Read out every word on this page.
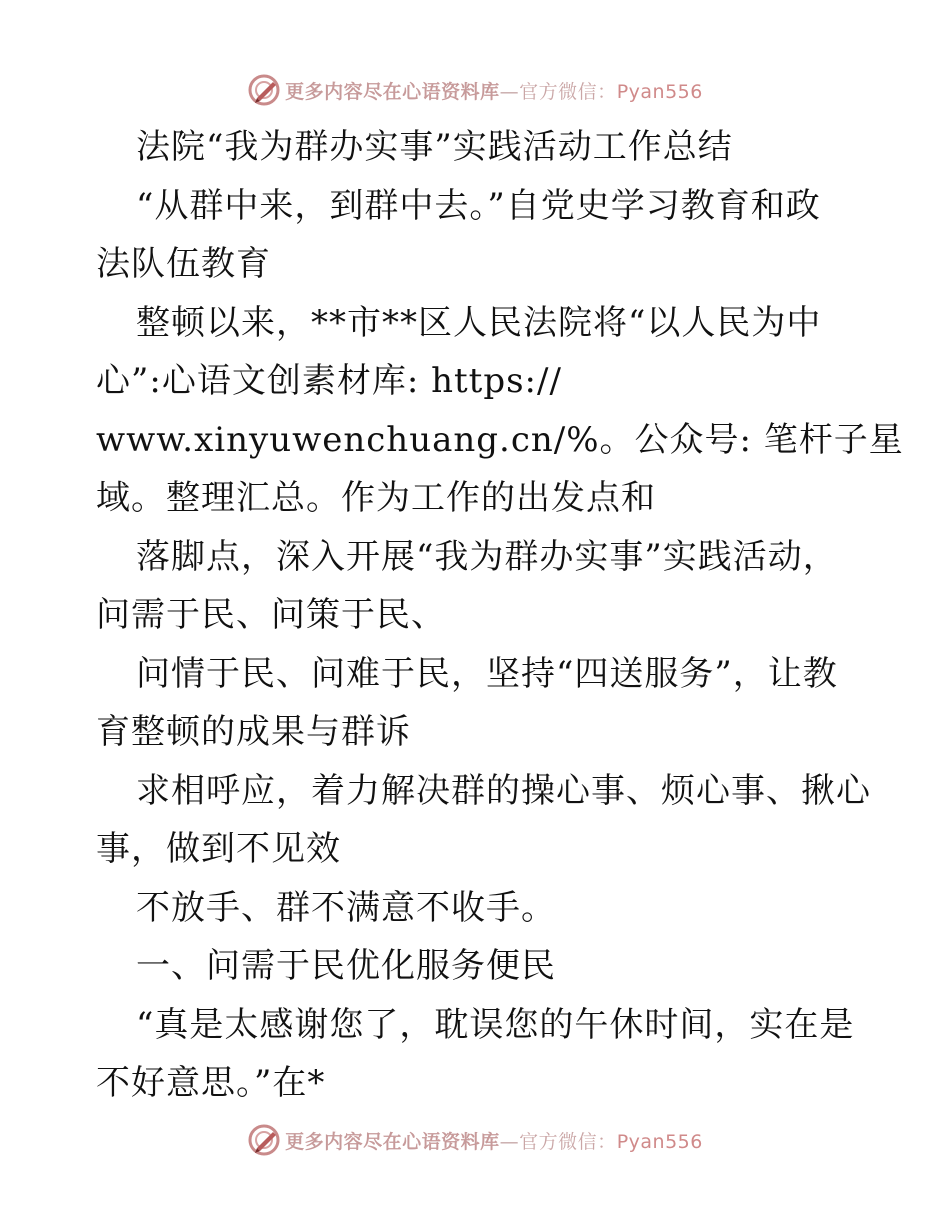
更多内容尽在心语资料库—官方微信：Pyan556
法院“我为群办实事”实践活动工作总结
“从群中来，到群中去。”自党史学习教育和政
法队伍教育
整顿以来，**市**区人民法院将“以人民为中
心”:心语文创素材库: https://
www.xinyuwenchuang.cn/%。公众号: 笔杆子星
域。整理汇总。作为工作的出发点和
落脚点，深入开展“我为群办实事”实践活动，
问需于民、问策于民、
问情于民、问难于民，坚持“四送服务”，让教
育整顿的成果与群诉
求相呼应，着力解决群的操心事、烦心事、揪心
事，做到不见效
不放手、群不满意不收手。
一、问需于民优化服务便民
“真是太感谢您了，耽误您的午休时间，实在是
不好意思。”在*
更多内容尽在心语资料库—官方微信：Pyan556
